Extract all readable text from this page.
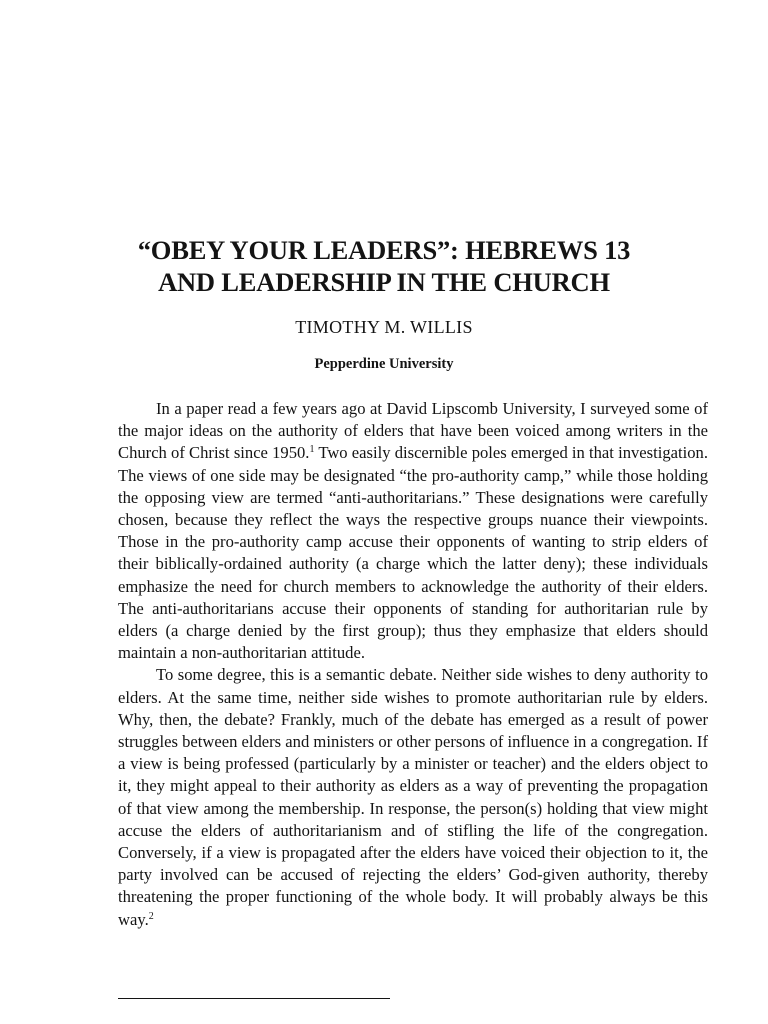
“OBEY YOUR LEADERS”: HEBREWS 13
AND LEADERSHIP IN THE CHURCH
TIMOTHY M. WILLIS
Pepperdine University

In a paper read a few years ago at David Lipscomb University, I surveyed some of the major ideas on the authority of elders that have been voiced among writers in the Church of Christ since 1950.$^1$ Two easily discernible poles emerged in that investigation. The views of one side may be designated “the pro-authority camp,” while those holding the opposing view are termed “anti-authoritarians.” These designations were carefully chosen, because they reflect the ways the respective groups nuance their viewpoints. Those in the pro-authority camp accuse their opponents of wanting to strip elders of their biblically-ordained authority (a charge which the latter deny); these individuals emphasize the need for church members to acknowledge the authority of their elders. The anti-authoritarians accuse their opponents of standing for authoritarian rule by elders (a charge denied by the first group); thus they emphasize that elders should maintain a non-authoritarian attitude.

To some degree, this is a semantic debate. Neither side wishes to deny authority to elders. At the same time, neither side wishes to promote authoritarian rule by elders. Why, then, the debate? Frankly, much of the debate has emerged as a result of power struggles between elders and ministers or other persons of influence in a congregation. If a view is being professed (particularly by a minister or teacher) and the elders object to it, they might appeal to their authority as elders as a way of preventing the propagation of that view among the membership. In response, the person(s) holding that view might accuse the elders of authoritarianism and of stifling the life of the congregation. Conversely, if a view is propagated after the elders have voiced their objection to it, the party involved can be accused of rejecting the elders’ God-given authority, thereby threatening the proper functioning of the whole body. It will probably always be this way.$^2$
